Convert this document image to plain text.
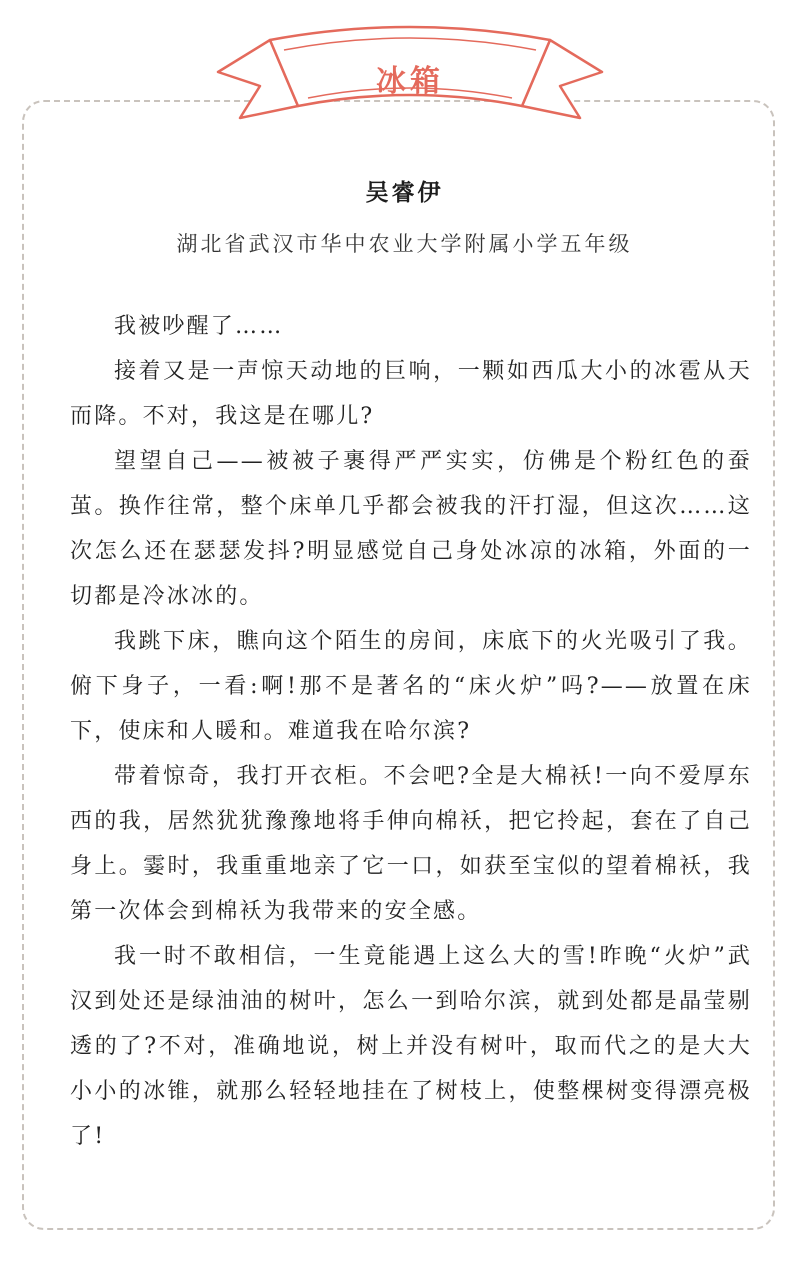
冰箱
吴睿伊
湖北省武汉市华中农业大学附属小学五年级

我被吵醒了……

接着又是一声惊天动地的巨响，一颗如西瓜大小的冰雹从天而降。不对，我这是在哪儿?

望望自己——被被子裹得严严实实，仿佛是个粉红色的蚕茧。换作往常，整个床单几乎都会被我的汗打湿，但这次……这次怎么还在瑟瑟发抖?明显感觉自己身处冰凉的冰箱，外面的一切都是冷冰冰的。

我跳下床，瞧向这个陌生的房间，床底下的火光吸引了我。俯下身子，一看:啊!那不是著名的“床火炉”吗?——放置在床下，使床和人暖和。难道我在哈尔滨?

带着惊奇，我打开衣柜。不会吧?全是大棉袄!一向不爱厚东西的我，居然犹犹豫豫地将手伸向棉袄，把它拎起，套在了自己身上。霎时，我重重地亲了它一口，如获至宝似的望着棉袄，我第一次体会到棉袄为我带来的安全感。

我一时不敢相信，一生竟能遇上这么大的雪!昨晚“火炉”武汉到处还是绿油油的树叶，怎么一到哈尔滨，就到处都是晶莹剔透的了?不对，准确地说，树上并没有树叶，取而代之的是大大小小的冰锥，就那么轻轻地挂在了树枝上，使整棵树变得漂亮极了!
